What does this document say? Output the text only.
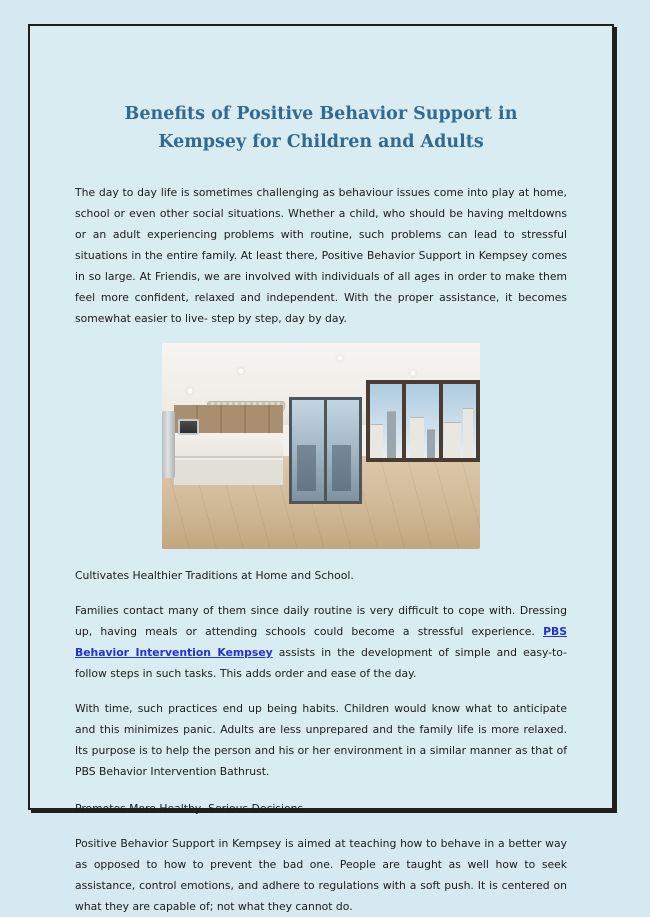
Benefits of Positive Behavior Support in Kempsey for Children and Adults

The day to day life is sometimes challenging as behaviour issues come into play at home, school or even other social situations. Whether a child, who should be having meltdowns or an adult experiencing problems with routine, such problems can lead to stressful situations in the entire family. At least there, Positive Behavior Support in Kempsey comes in so large. At Friendis, we are involved with individuals of all ages in order to make them feel more confident, relaxed and independent. With the proper assistance, it becomes somewhat easier to live- step by step, day by day.

Cultivates Healthier Traditions at Home and School.

Families contact many of them since daily routine is very difficult to cope with. Dressing up, having meals or attending schools could become a stressful experience. PBS Behavior Intervention Kempsey assists in the development of simple and easy-to-follow steps in such tasks. This adds order and ease of the day.

With time, such practices end up being habits. Children would know what to anticipate and this minimizes panic. Adults are less unprepared and the family life is more relaxed. Its purpose is to help the person and his or her environment in a similar manner as that of PBS Behavior Intervention Bathrust.

Promotes More Healthy, Serious Decisions.

Positive Behavior Support in Kempsey is aimed at teaching how to behave in a better way as opposed to how to prevent the bad one. People are taught as well how to seek assistance, control emotions, and adhere to regulations with a soft push. It is centered on what they are capable of; not what they cannot do.
